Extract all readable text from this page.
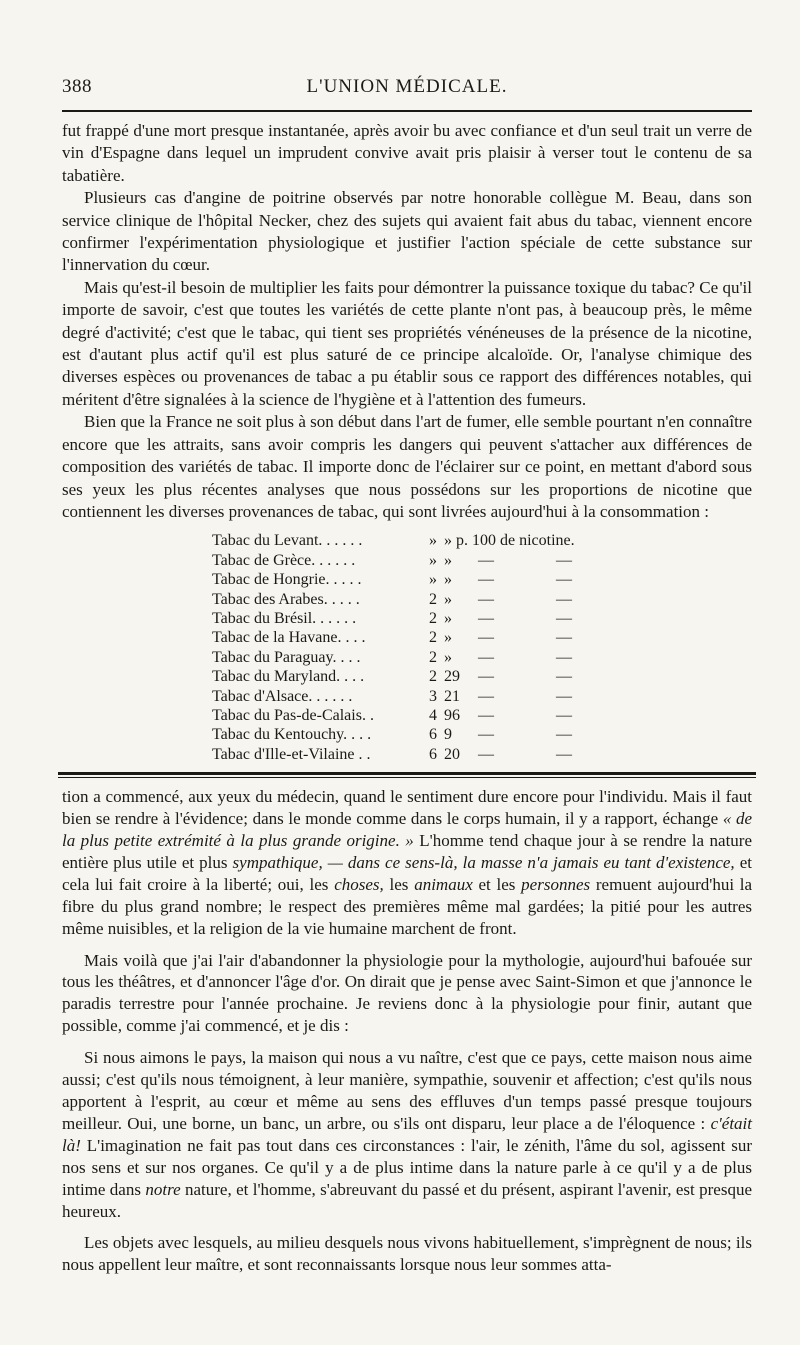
388	L'UNION MÉDICALE.

fut frappé d'une mort presque instantanée, après avoir bu avec confiance et d'un seul trait un verre de vin d'Espagne dans lequel un imprudent convive avait pris plaisir à verser tout le contenu de sa tabatière.

Plusieurs cas d'angine de poitrine observés par notre honorable collègue M. Beau, dans son service clinique de l'hôpital Necker, chez des sujets qui avaient fait abus du tabac, viennent encore confirmer l'expérimentation physiologique et justifier l'action spéciale de cette substance sur l'innervation du cœur.

Mais qu'est-il besoin de multiplier les faits pour démontrer la puissance toxique du tabac? Ce qu'il importe de savoir, c'est que toutes les variétés de cette plante n'ont pas, à beaucoup près, le même degré d'activité; c'est que le tabac, qui tient ses propriétés vénéneuses de la présence de la nicotine, est d'autant plus actif qu'il est plus saturé de ce principe alcaloïde. Or, l'analyse chimique des diverses espèces ou provenances de tabac a pu établir sous ce rapport des différences notables, qui méritent d'être signalées à la science de l'hygiène et à l'attention des fumeurs.

Bien que la France ne soit plus à son début dans l'art de fumer, elle semble pourtant n'en connaître encore que les attraits, sans avoir compris les dangers qui peuvent s'attacher aux différences de composition des variétés de tabac. Il importe donc de l'éclairer sur ce point, en mettant d'abord sous ses yeux les plus récentes analyses que nous possédons sur les proportions de nicotine que contiennent les diverses provenances de tabac, qui sont livrées aujourd'hui à la consommation :

Tabac du Levant. . . . . .	» » p. 100 de nicotine.
Tabac de Grèce. . . . . .	» »	—	—
Tabac de Hongrie. . . . .	» »	—	—
Tabac des Arabes. . . . .	2 »	—	—
Tabac du Brésil. . . . . .	2 »	—	—
Tabac de la Havane. . . .	2 »	—	—
Tabac du Paraguay. . . .	2 »	—	—
Tabac du Maryland. . . .	2 29	—	—
Tabac d'Alsace. . . . . .	3 21	—	—
Tabac du Pas-de-Calais. .	4 96	—	—
Tabac du Kentouchy. . . .	6 9	—	—
Tabac d'Ille-et-Vilaine . .	6 20	—	—

tion a commencé, aux yeux du médecin, quand le sentiment dure encore pour l'individu. Mais il faut bien se rendre à l'évidence; dans le monde comme dans le corps humain, il y a rapport, échange « de la plus petite extrémité à la plus grande origine. » L'homme tend chaque jour à se rendre la nature entière plus utile et plus sympathique, — dans ce sens-là, la masse n'a jamais eu tant d'existence, et cela lui fait croire à la liberté; oui, les choses, les animaux et les personnes remuent aujourd'hui la fibre du plus grand nombre; le respect des premières même mal gardées; la pitié pour les autres même nuisibles, et la religion de la vie humaine marchent de front.

Mais voilà que j'ai l'air d'abandonner la physiologie pour la mythologie, aujourd'hui bafouée sur tous les théâtres, et d'annoncer l'âge d'or. On dirait que je pense avec Saint-Simon et que j'annonce le paradis terrestre pour l'année prochaine. Je reviens donc à la physiologie pour finir, autant que possible, comme j'ai commencé, et je dis :

Si nous aimons le pays, la maison qui nous a vu naître, c'est que ce pays, cette maison nous aime aussi; c'est qu'ils nous témoignent, à leur manière, sympathie, souvenir et affection; c'est qu'ils nous apportent à l'esprit, au cœur et même au sens des effluves d'un temps passé presque toujours meilleur. Oui, une borne, un banc, un arbre, ou s'ils ont disparu, leur place a de l'éloquence : c'était là! L'imagination ne fait pas tout dans ces circonstances : l'air, le zénith, l'âme du sol, agissent sur nos sens et sur nos organes. Ce qu'il y a de plus intime dans la nature parle à ce qu'il y a de plus intime dans notre nature, et l'homme, s'abreuvant du passé et du présent, aspirant l'avenir, est presque heureux.

Les objets avec lesquels, au milieu desquels nous vivons habituellement, s'imprègnent de nous; ils nous appellent leur maître, et sont reconnaissants lorsque nous leur sommes atta-
